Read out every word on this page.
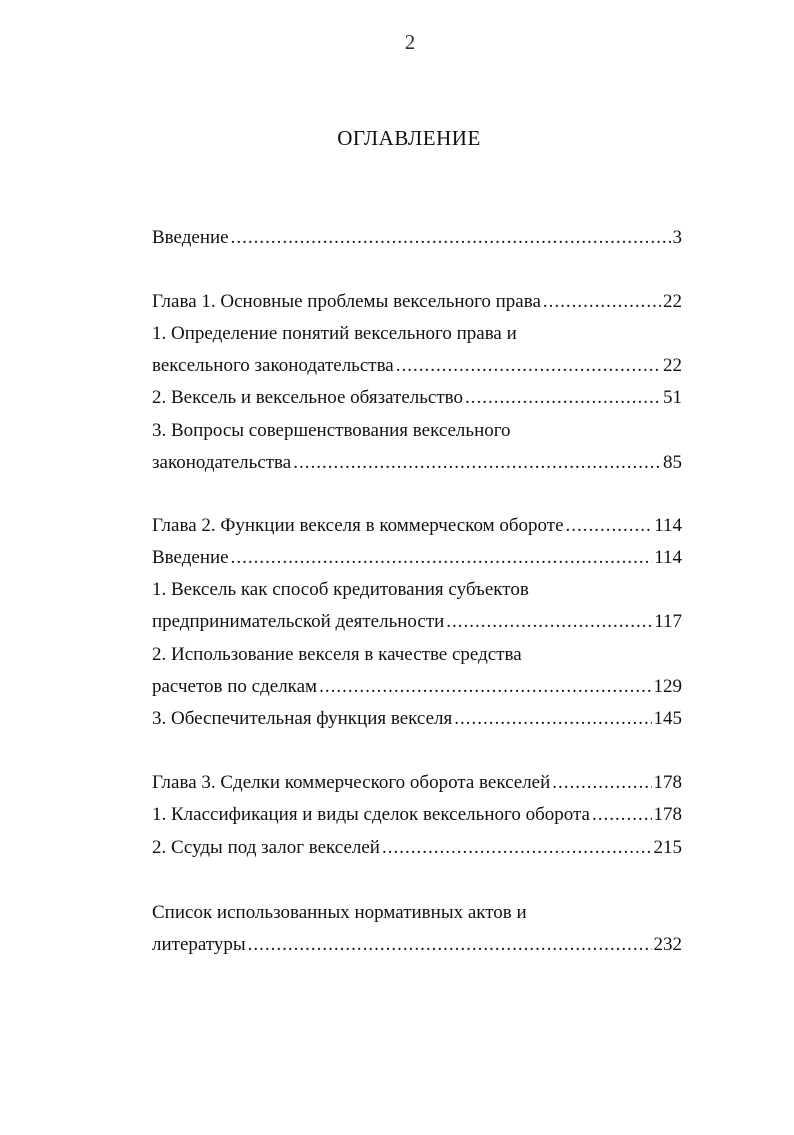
2
ОГЛАВЛЕНИЕ
Введение .....	3
Глава 1. Основные проблемы вексельного права .....	22
1. Определение понятий вексельного права и
вексельного законодательства .....	22
2. Вексель и вексельное обязательство .....	51
3. Вопросы совершенствования вексельного
законодательства .....	85
Глава 2. Функции векселя в коммерческом обороте .....	114
Введение .....	114
1. Вексель как способ кредитования субъектов
предпринимательской деятельности .....	117
2. Использование векселя в качестве средства
расчетов по сделкам .....	129
3. Обеспечительная функция векселя .....	145
Глава 3. Сделки коммерческого оборота векселей .....	178
1. Классификация и виды сделок вексельного оборота .....	178
2. Ссуды под залог векселей .....	215
Список использованных нормативных актов и
литературы .....	232
